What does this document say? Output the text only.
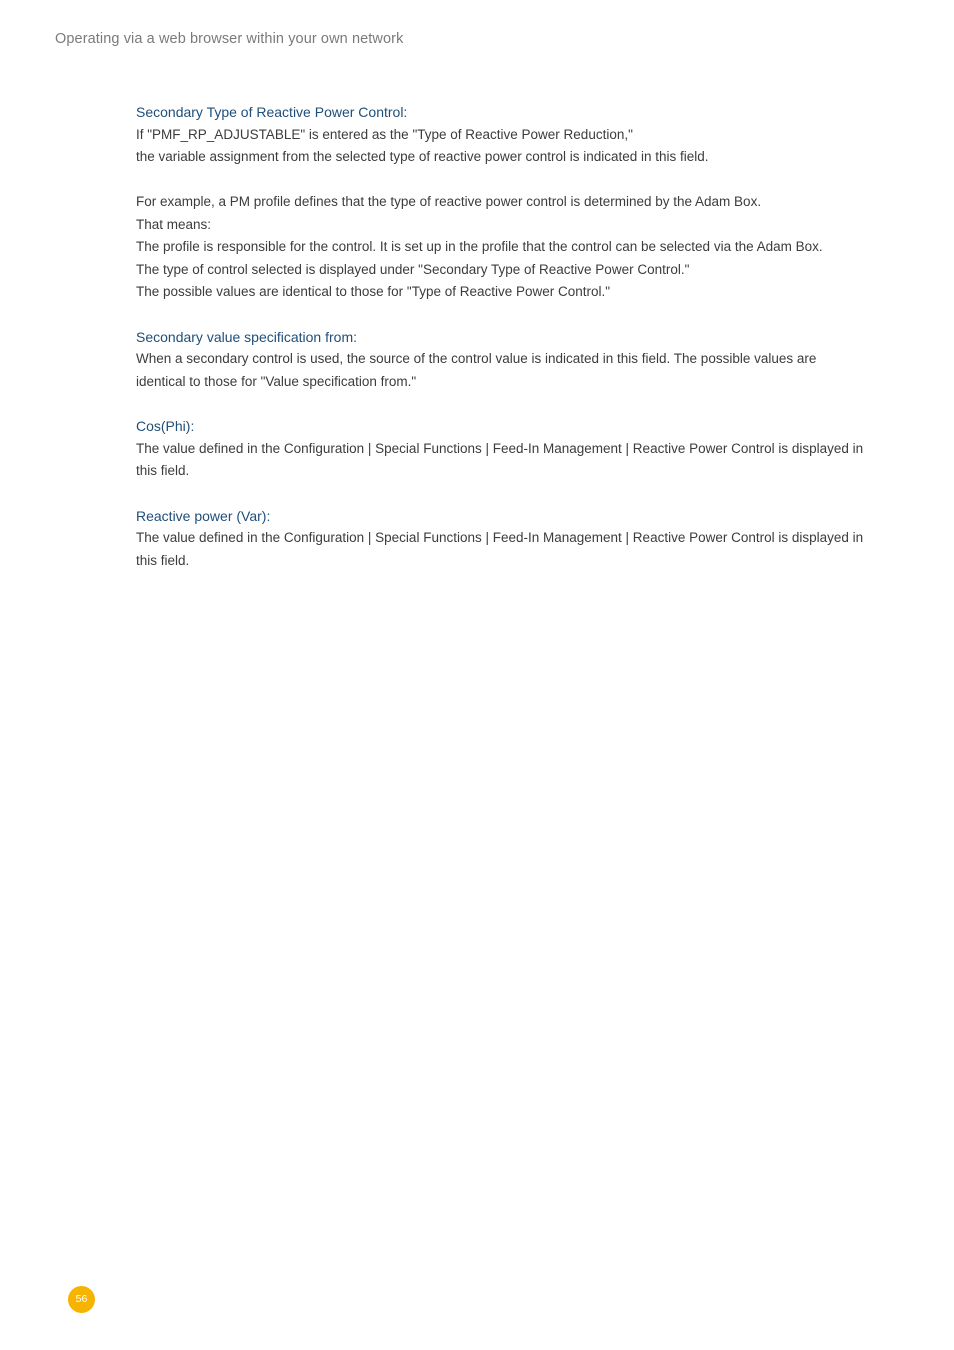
Operating via a web browser within your own network

Secondary Type of Reactive Power Control:

If "PMF_RP_ADJUSTABLE" is entered as the "Type of Reactive Power Reduction,"

the variable assignment from the selected type of reactive power control is indicated in this field.

For example, a PM profile defines that the type of reactive power control is determined by the Adam Box.

That means:

The profile is responsible for the control. It is set up in the profile that the control can be selected via the Adam Box.

The type of control selected is displayed under "Secondary Type of Reactive Power Control."

The possible values are identical to those for "Type of Reactive Power Control."

Secondary value specification from:

When a secondary control is used, the source of the control value is indicated in this field. The possible values are identical to those for "Value specification from."

Cos(Phi):

The value defined in the Configuration | Special Functions | Feed-In Management | Reactive Power Control is displayed in this field.

Reactive power (Var):

The value defined in the Configuration | Special Functions | Feed-In Management | Reactive Power Control is displayed in this field.

56
